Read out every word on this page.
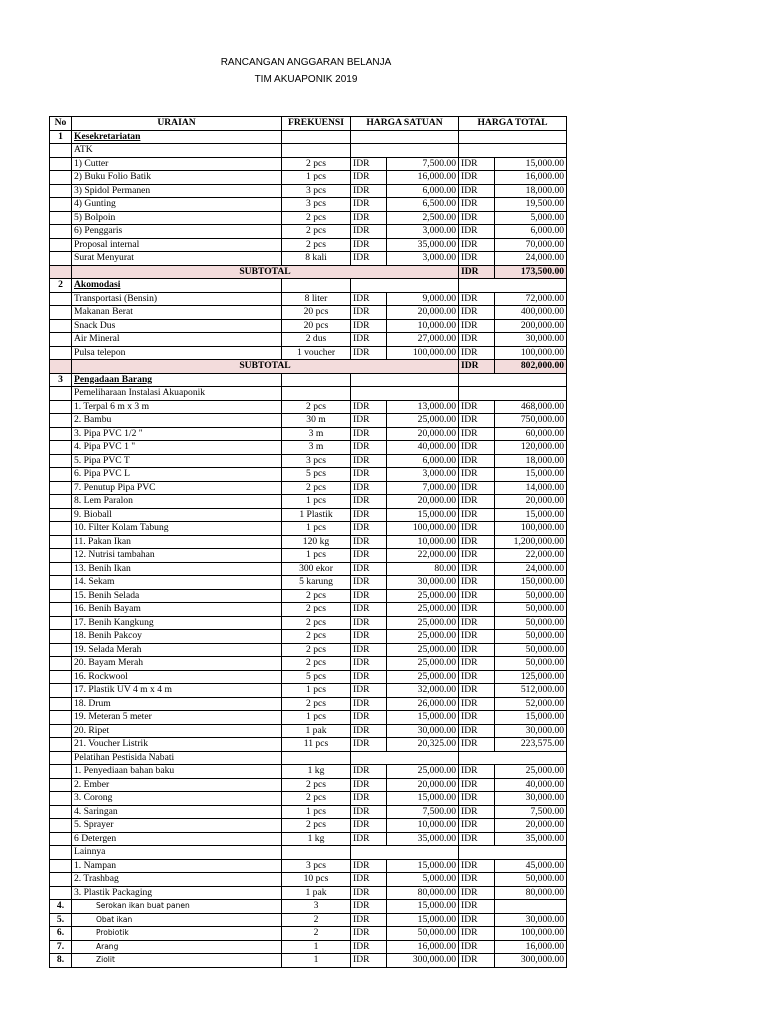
RANCANGAN ANGGARAN BELANJA
TIM AKUAPONIK 2019
No	URAIAN	FREKUENSI	HARGA SATUAN		HARGA TOTAL	
1	Kesekretariatan					
	ATK					
	1) Cutter	2 pcs	IDR	7,500.00	IDR	15,000.00
	2) Buku Folio Batik	1 pcs	IDR	16,000.00	IDR	16,000.00
	3) Spidol Permanen	3 pcs	IDR	6,000.00	IDR	18,000.00
	4) Gunting	3 pcs	IDR	6,500.00	IDR	19,500.00
	5) Bolpoin	2 pcs	IDR	2,500.00	IDR	5,000.00
	6) Penggaris	2 pcs	IDR	3,000.00	IDR	6,000.00
	Proposal internal	2 pcs	IDR	35,000.00	IDR	70,000.00
	Surat Menyurat	8 kali	IDR	3,000.00	IDR	24,000.00
	SUBTOTAL				IDR	173,500.00
2	Akomodasi					
	Transportasi (Bensin)	8 liter	IDR	9,000.00	IDR	72,000.00
	Makanan Berat	20 pcs	IDR	20,000.00	IDR	400,000.00
	Snack Dus	20 pcs	IDR	10,000.00	IDR	200,000.00
	Air Mineral	2 dus	IDR	27,000.00	IDR	30,000.00
	Pulsa telepon	1 voucher	IDR	100,000.00	IDR	100,000.00
	SUBTOTAL				IDR	802,000.00
3	Pengadaan Barang					
	Pemeliharaan Instalasi Akuaponik					
	1. Terpal 6 m x 3 m	2 pcs	IDR	13,000.00	IDR	468,000.00
	2. Bambu	30 m	IDR	25,000.00	IDR	750,000.00
	3. Pipa PVC 1/2 "	3 m	IDR	20,000.00	IDR	60,000.00
	4. Pipa PVC 1 "	3 m	IDR	40,000.00	IDR	120,000.00
	5. Pipa PVC T	3 pcs	IDR	6,000.00	IDR	18,000.00
	6. Pipa PVC L	5 pcs	IDR	3,000.00	IDR	15,000.00
	7. Penutup Pipa PVC	2 pcs	IDR	7,000.00	IDR	14,000.00
	8. Lem Paralon	1 pcs	IDR	20,000.00	IDR	20,000.00
	9. Bioball	1 Plastik	IDR	15,000.00	IDR	15,000.00
	10. Filter Kolam Tabung	1 pcs	IDR	100,000.00	IDR	100,000.00
	11. Pakan Ikan	120 kg	IDR	10,000.00	IDR	1,200,000.00
	12. Nutrisi tambahan	1 pcs	IDR	22,000.00	IDR	22,000.00
	13. Benih Ikan	300 ekor	IDR	80.00	IDR	24,000.00
	14. Sekam	5 karung	IDR	30,000.00	IDR	150,000.00
	15. Benih Selada	2 pcs	IDR	25,000.00	IDR	50,000.00
	16. Benih Bayam	2 pcs	IDR	25,000.00	IDR	50,000.00
	17. Benih Kangkung	2 pcs	IDR	25,000.00	IDR	50,000.00
	18. Benih Pakcoy	2 pcs	IDR	25,000.00	IDR	50,000.00
	19. Selada Merah	2 pcs	IDR	25,000.00	IDR	50,000.00
	20. Bayam Merah	2 pcs	IDR	25,000.00	IDR	50,000.00
	16. Rockwool	5 pcs	IDR	25,000.00	IDR	125,000.00
	17. Plastik UV 4 m x 4 m	1 pcs	IDR	32,000.00	IDR	512,000.00
	18. Drum	2 pcs	IDR	26,000.00	IDR	52,000.00
	19. Meteran 5 meter	1 pcs	IDR	15,000.00	IDR	15,000.00
	20. Ripet	1 pak	IDR	30,000.00	IDR	30,000.00
	21. Voucher Listrik	11 pcs	IDR	20,325.00	IDR	223,575.00
	Pelatihan Pestisida Nabati					
	1. Penyediaan bahan baku	1 kg	IDR	25,000.00	IDR	25,000.00
	2. Ember	2 pcs	IDR	20,000.00	IDR	40,000.00
	3. Corong	2 pcs	IDR	15,000.00	IDR	30,000.00
	4. Saringan	1 pcs	IDR	7,500.00	IDR	7,500.00
	5. Sprayer	2 pcs	IDR	10,000.00	IDR	20,000.00
	6 Detergen	1 kg	IDR	35,000.00	IDR	35,000.00
	Lainnya					
	1. Nampan	3 pcs	IDR	15,000.00	IDR	45,000.00
	2. Trashbag	10 pcs	IDR	5,000.00	IDR	50,000.00
	3. Plastik Packaging	1 pak	IDR	80,000.00	IDR	80,000.00
4.	Serokan ikan buat panen	3	IDR	15,000.00	IDR	
5.	Obat ikan	2	IDR	15,000.00	IDR	30,000.00
6.	Probiotik	2	IDR	50,000.00	IDR	100,000.00
7.	Arang	1	IDR	16,000.00	IDR	16,000.00
8.	Ziolit	1	IDR	300,000.00	IDR	300,000.00
